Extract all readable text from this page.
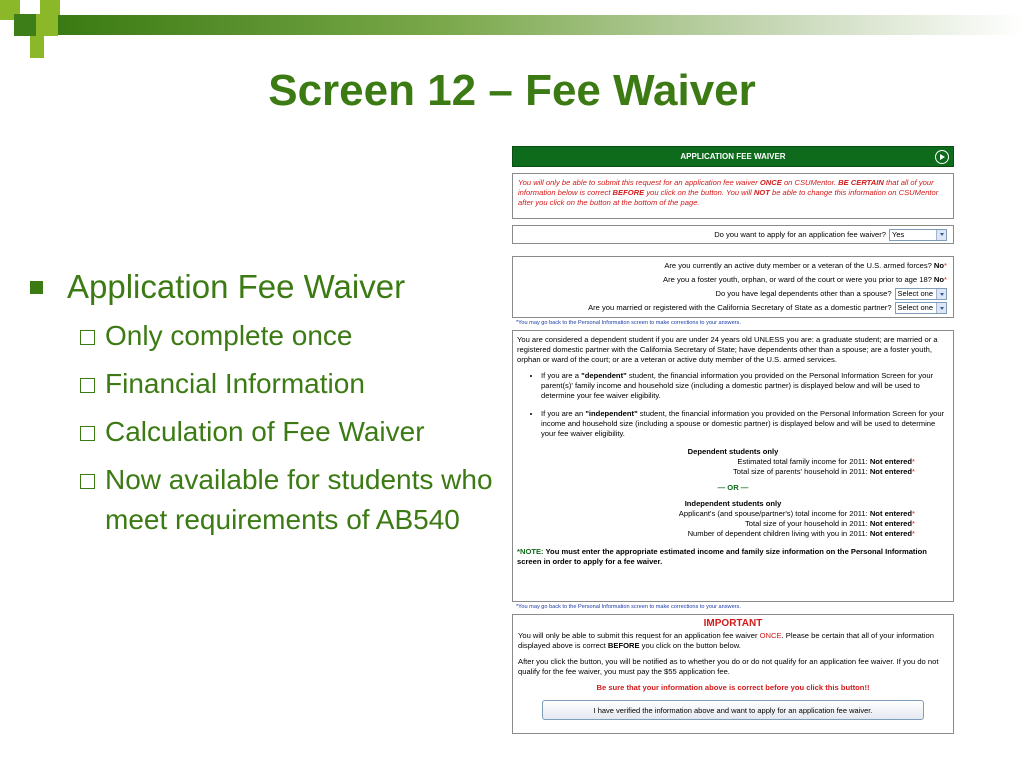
Screen 12 – Fee Waiver
Application Fee Waiver
Only complete once
Financial Information
Calculation of Fee Waiver
Now available for students who meet requirements of AB540
APPLICATION FEE WAIVER
You will only be able to submit this request for an application fee waiver ONCE on CSUMentor. BE CERTAIN that all of your information below is correct BEFORE you click on the button. You will NOT be able to change this information on CSUMentor after you click on the button at the bottom of the page.
Do you want to apply for an application fee waiver? Yes
Are you currently an active duty member or a veteran of the U.S. armed forces? No *
Are you a foster youth, orphan, or ward of the court or were you prior to age 18? No *
Do you have legal dependents other than a spouse? Select one
Are you married or registered with the California Secretary of State as a domestic partner? Select one
*You may go back to the Personal Information screen to make corrections to your answers.

You are considered a dependent student if you are under 24 years old UNLESS you are: a graduate student; are married or a registered domestic partner with the California Secretary of State; have dependents other than a spouse; are a foster youth, orphan or ward of the court; or are a veteran or active duty member of the U.S. armed services.

• If you are a "dependent" student, the financial information you provided on the Personal Information Screen for your parent(s)' family income and household size (including a domestic partner) is displayed below and will be used to determine your fee waiver eligibility.
• If you are an "independent" student, the financial information you provided on the Personal Information Screen for your income and household size (including a spouse or domestic partner) is displayed below and will be used to determine your fee waiver eligibility.
Dependent students only
Estimated total family income for 2011: Not entered*
Total size of parents' household in 2011: Not entered*
— OR —
Independent students only
Applicant's (and spouse/partner's) total income for 2011: Not entered*
Total size of your household in 2011: Not entered*
Number of dependent children living with you in 2011: Not entered*
*NOTE: You must enter the appropriate estimated income and family size information on the Personal Information screen in order to apply for a fee waiver.
*You may go back to the Personal Information screen to make corrections to your answers.
IMPORTANT

You will only be able to submit this request for an application fee waiver ONCE. Please be certain that all of your information displayed above is correct BEFORE you click on the button below.

After you click the button, you will be notified as to whether you do or do not qualify for an application fee waiver. If you do not qualify for the fee waiver, you must pay the $55 application fee.

Be sure that your information above is correct before you click this button!!
I have verified the information above and want to apply for an application fee waiver.
